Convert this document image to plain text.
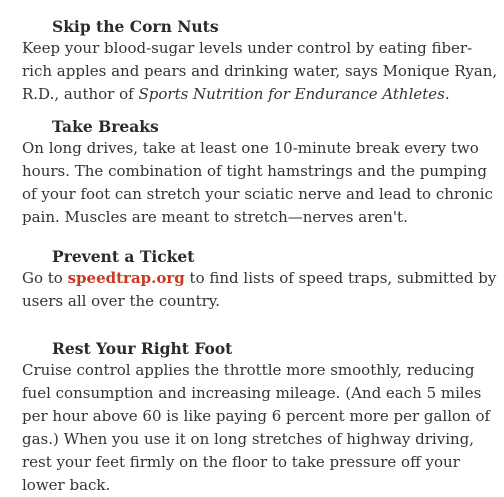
Skip the Corn Nuts

Keep your blood-sugar levels under control by eating fiber-rich apples and pears and drinking water, says Monique Ryan, R.D., author of Sports Nutrition for Endurance Athletes.

Take Breaks

On long drives, take at least one 10-minute break every two hours. The combination of tight hamstrings and the pumping of your foot can stretch your sciatic nerve and lead to chronic pain. Muscles are meant to stretch—nerves aren't.

Prevent a Ticket

Go to speedtrap.org to find lists of speed traps, submitted by users all over the country.

Rest Your Right Foot

Cruise control applies the throttle more smoothly, reducing fuel consumption and increasing mileage. (And each 5 miles per hour above 60 is like paying 6 percent more per gallon of gas.) When you use it on long stretches of highway driving, rest your feet firmly on the floor to take pressure off your lower back.
